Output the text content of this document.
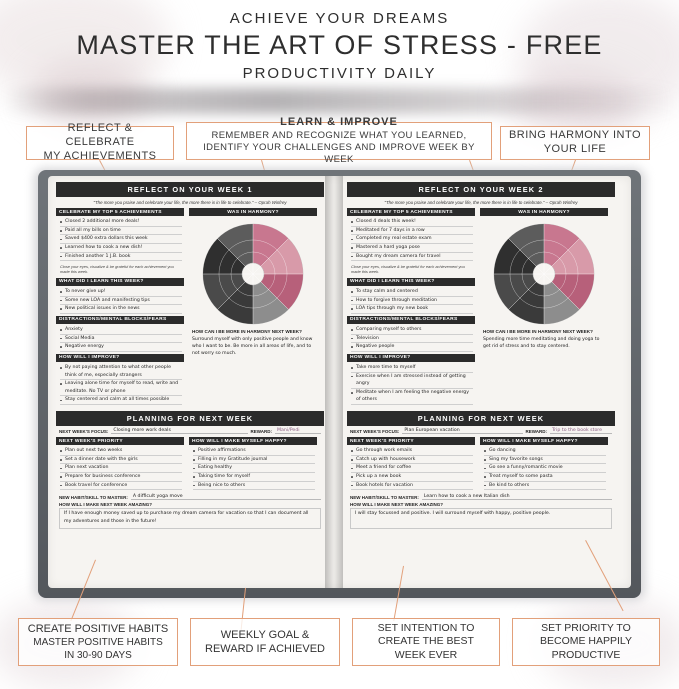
ACHIEVE YOUR DREAMS
MASTER THE ART OF STRESS - FREE
PRODUCTIVITY DAILY
REFLECT & CELEBRATE
MY ACHIEVEMENTS
LEARN & IMPROVE
REMEMBER AND RECOGNIZE WHAT YOU LEARNED,
IDENTIFY YOUR CHALLENGES AND IMPROVE WEEK BY WEEK
BRING HARMONY INTO
YOUR LIFE
REFLECT ON YOUR WEEK 1
"The more you praise and celebrate your life, the more there is in life to celebrate." – Oprah Winfrey
CELEBRATE MY TOP 5 ACHIEVEMENTS
Closed 2 additional more deals!
Paid all my bills on time
Saved $400 extra dollars this week
Learned how to cook a new dish!
Finished another 1 J.B. book
Close your eyes, visualize & be grateful for each achievement you made this week.
WHAT DID I LEARN THIS WEEK?
To never give up!
Some new LOA and manifesting tips
New political issues in the news
DISTRACTIONS/MENTAL BLOCKS/FEARS
Anxiety
Social Media
Negative energy
HOW WILL I IMPROVE?
By not paying attention to what other people think of me, especially strangers
Leaving alone time for myself to read, write and meditate. No TV or phone
Stay centered and calm at all times possible
WAS IN HARMONY?
HOW CAN I BE MORE IN HARMONY NEXT WEEK?
Surround myself with only positive people and know who I want to be. Be more in all areas of life, and to not worry so much.
PLANNING FOR NEXT WEEK
NEXT WEEK'S FOCUS:	Closing more work deals	REWARD:	Mani/Pedi
NEXT WEEK'S PRIORITY
Plan out next two weeks
Set a dinner date with the girls
Plan next vacation
Prepare for business conference
Book travel for conference
HOW WILL I MAKE MYSELF HAPPY?
Positive affirmations
Filling in my Gratitude journal
Eating healthy
Taking time for myself
Being nice to others
NEW HABIT/SKILL TO MASTER:	A difficult yoga move
HOW WILL I MAKE NEXT WEEK AMAZING?
If I have enough money saved up to purchase my dream camera for vacation so that I can document all my adventures and those in the future!
REFLECT ON YOUR WEEK 2
"The more you praise and celebrate your life, the more there is in life to celebrate." – Oprah Winfrey
CELEBRATE MY TOP 5 ACHIEVEMENTS
Closed 4 deals this week!
Meditated for 7 days in a row
Completed my real estate exam
Mastered a hard yoga pose
Bought my dream camera for travel
Close your eyes, visualize & be grateful for each achievement you made this week.
WHAT DID I LEARN THIS WEEK?
To stay calm and centered
How to forgive through meditation
LOA tips through my new book
DISTRACTIONS/MENTAL BLOCKS/FEARS
Comparing myself to others
Television
Negative people
HOW WILL I IMPROVE?
Take more time to myself
Exercise when I am stressed instead of getting angry
Meditate when I am feeling the negative energy of others
WAS IN HARMONY?
HOW CAN I BE MORE IN HARMONY NEXT WEEK?
Spending more time meditating and doing yoga to get rid of stress and to stay centered.
PLANNING FOR NEXT WEEK
NEXT WEEK'S FOCUS:	Plan European vacation	REWARD:	Trip to the book store
NEXT WEEK'S PRIORITY
Go through work emails
Catch up with housework
Meet a friend for coffee
Pick up a new book
Book hotels for vacation
HOW WILL I MAKE MYSELF HAPPY?
Go dancing
Sing my favorite songs
Go see a funny/romantic movie
Treat myself to some pasta
Be kind to others
NEW HABIT/SKILL TO MASTER:	Learn how to cook a new Italian dish
HOW WILL I MAKE NEXT WEEK AMAZING?
I will stay focussed and positive. I will surround myself with happy, positive people.
CREATE POSITIVE HABITS
MASTER POSITIVE HABITS
IN 30-90 DAYS
WEEKLY GOAL &
REWARD IF ACHIEVED
SET INTENTION TO
CREATE THE BEST
WEEK EVER
SET PRIORITY TO
BECOME HAPPILY
PRODUCTIVE
